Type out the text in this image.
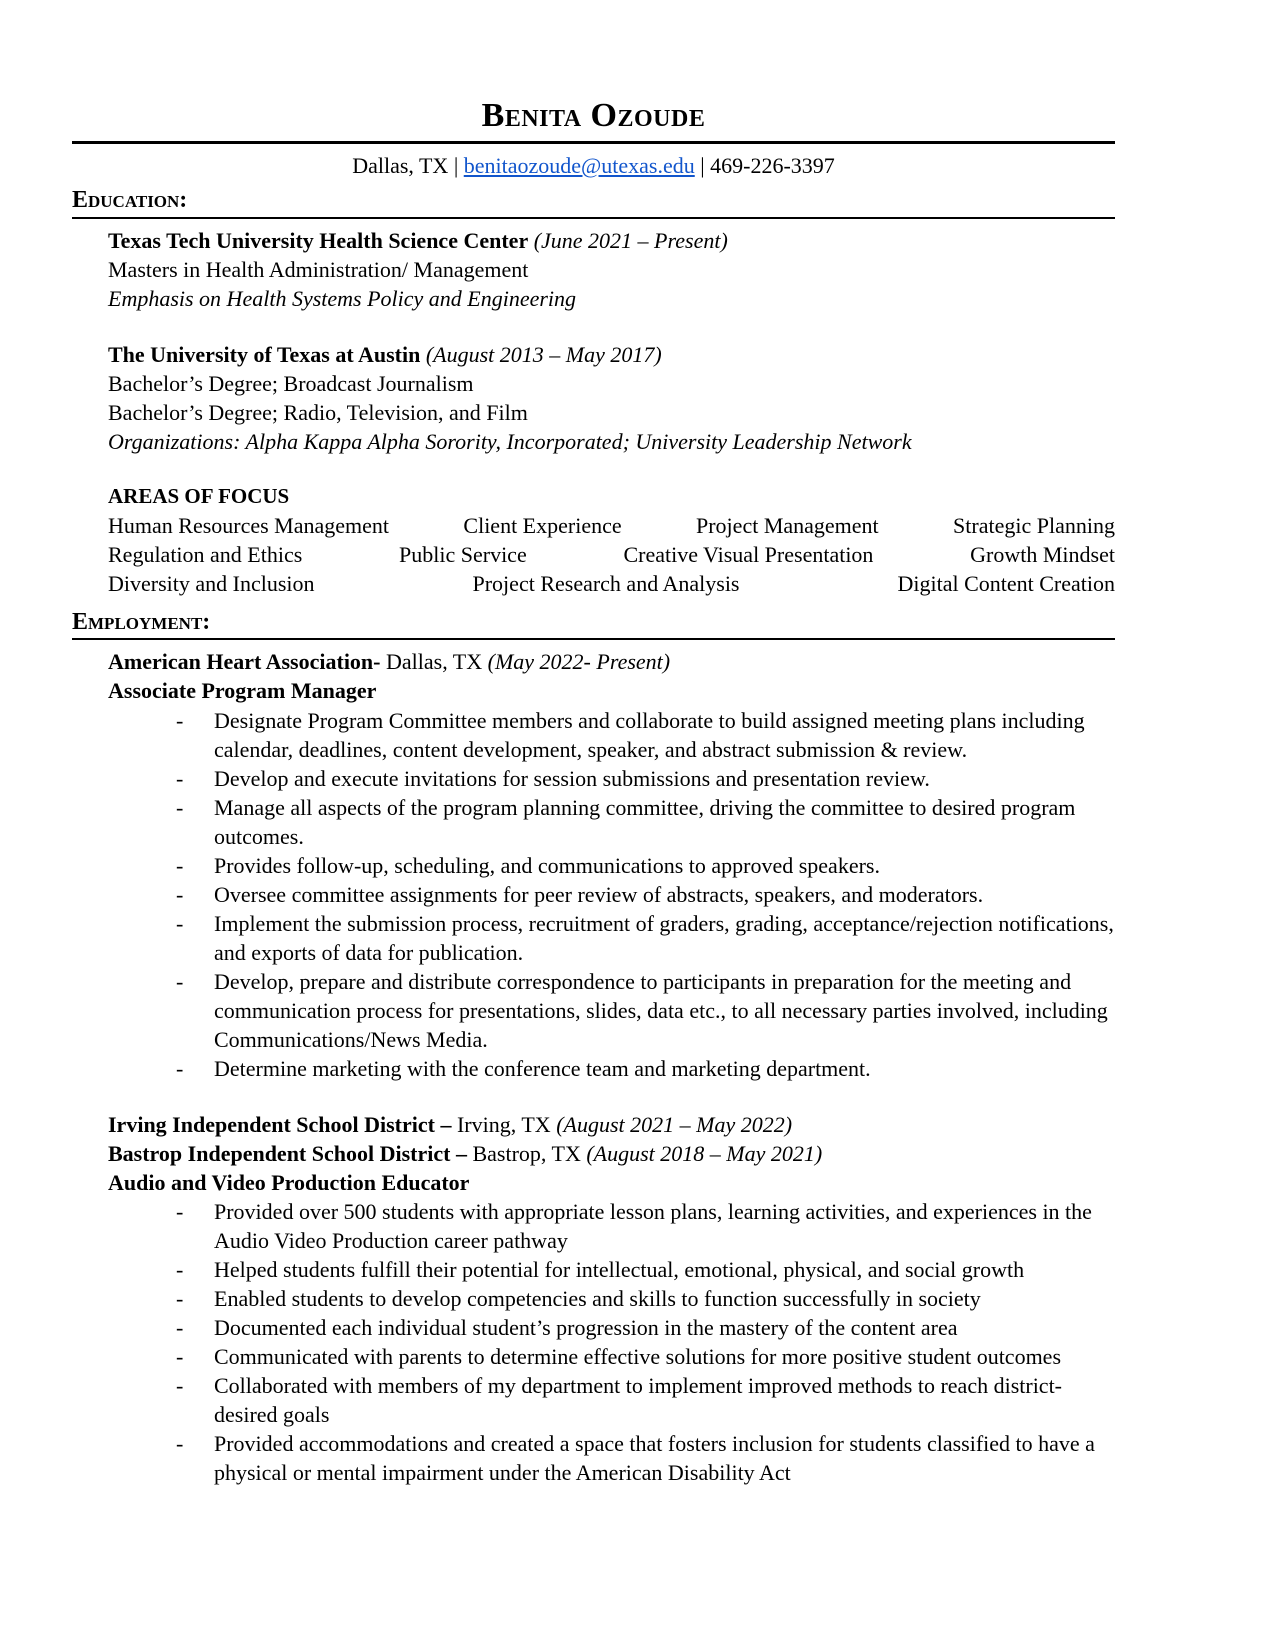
Benita Ozoude

Dallas, TX | benitaozoude@utexas.edu | 469-226-3397

Education:

Texas Tech University Health Science Center (June 2021 – Present)

Masters in Health Administration/ Management

Emphasis on Health Systems Policy and Engineering

The University of Texas at Austin (August 2013 – May 2017)

Bachelor’s Degree; Broadcast Journalism

Bachelor’s Degree; Radio, Television, and Film

Organizations: Alpha Kappa Alpha Sorority, Incorporated; University Leadership Network

AREAS OF FOCUS

Human Resources Management	Client Experience	Project Management	Strategic Planning

Regulation and Ethics	Public Service	Creative Visual Presentation	Growth Mindset

Diversity and Inclusion	Project Research and Analysis	Digital Content Creation

Employment:

American Heart Association- Dallas, TX (May 2022- Present)

Associate Program Manager

- Designate Program Committee members and collaborate to build assigned meeting plans including calendar, deadlines, content development, speaker, and abstract submission & review.
- Develop and execute invitations for session submissions and presentation review.
- Manage all aspects of the program planning committee, driving the committee to desired program outcomes.
- Provides follow-up, scheduling, and communications to approved speakers.
- Oversee committee assignments for peer review of abstracts, speakers, and moderators.
- Implement the submission process, recruitment of graders, grading, acceptance/rejection notifications, and exports of data for publication.
- Develop, prepare and distribute correspondence to participants in preparation for the meeting and communication process for presentations, slides, data etc., to all necessary parties involved, including Communications/News Media.
- Determine marketing with the conference team and marketing department.

Irving Independent School District – Irving, TX (August 2021 – May 2022)

Bastrop Independent School District – Bastrop, TX (August 2018 – May 2021)

Audio and Video Production Educator

- Provided over 500 students with appropriate lesson plans, learning activities, and experiences in the Audio Video Production career pathway
- Helped students fulfill their potential for intellectual, emotional, physical, and social growth
- Enabled students to develop competencies and skills to function successfully in society
- Documented each individual student’s progression in the mastery of the content area
- Communicated with parents to determine effective solutions for more positive student outcomes
- Collaborated with members of my department to implement improved methods to reach district-desired goals
- Provided accommodations and created a space that fosters inclusion for students classified to have a physical or mental impairment under the American Disability Act
